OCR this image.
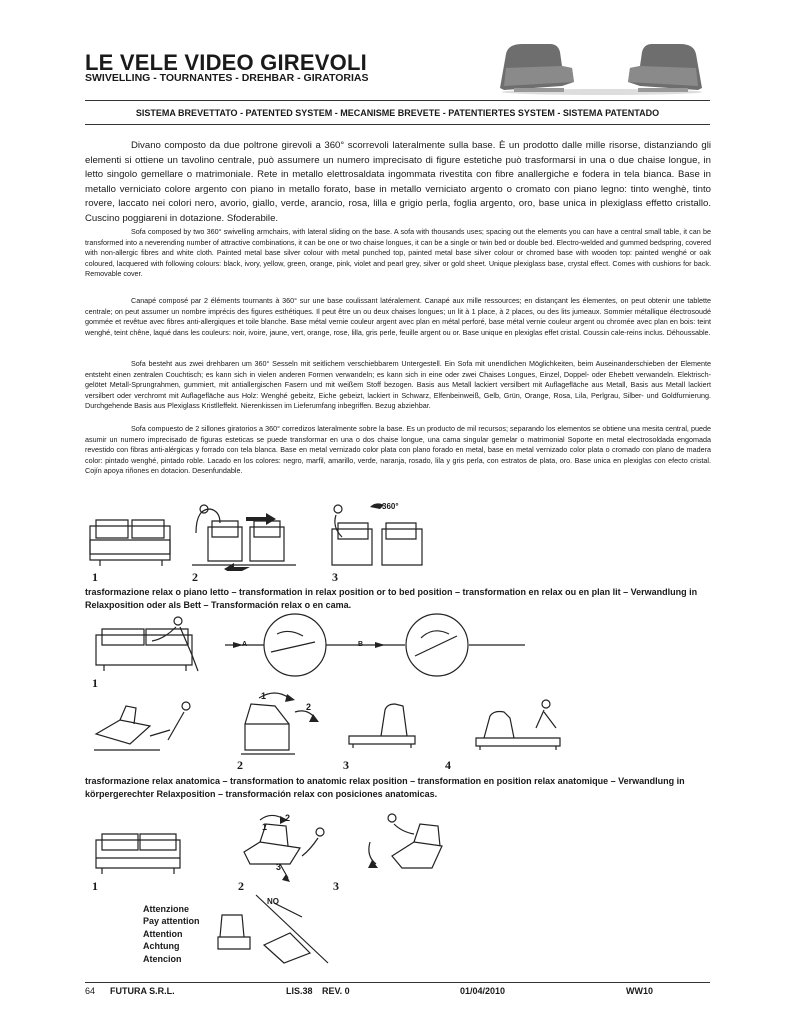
LE VELE VIDEO GIREVOLI
SWIVELLING - TOURNANTES - DREHBAR - GIRATORIAS
SISTEMA BREVETTATO - PATENTED SYSTEM - MECANISME BREVETE - PATENTIERTES SYSTEM - SISTEMA PATENTADO

Divano composto da due poltrone girevoli a 360° scorrevoli lateralmente sulla base. È un prodotto dalle mille risorse, distanziando gli elementi si ottiene un tavolino centrale, può assumere un numero imprecisato di figure estetiche può trasformarsi in una o due chaise longue, in letto singolo gemellare o matrimoniale. Rete in metallo elettrosaldata ingommata rivestita con fibre anallergiche e fodera in tela bianca. Base in metallo verniciato colore argento con piano in metallo forato, base in metallo verniciato argento o cromato con piano legno: tinto wenghè, tinto rovere, laccato nei colori nero, avorio, giallo, verde, arancio, rosa, lilla e grigio perla, foglia argento, oro, base unica in plexiglass effetto cristallo. Cuscino poggiareni in dotazione. Sfoderabile.

Sofa composed by two 360° swivelling armchairs, with lateral sliding on the base. A sofa with thousands uses; spacing out the elements you can have a central small table, it can be transformed into a neverending number of attractive combinations, it can be one or two chaise longues, it can be a single or twin bed or double bed. Electro-welded and gummed bedspring, covered with non-allergic fibres and white cloth. Painted metal base silver colour with metal punched top, painted metal base silver colour or chromed base with wooden top: painted wenghé or oak coloured, lacquered with following colours: black, ivory, yellow, green, orange, pink, violet and pearl grey, silver or gold sheet. Unique plexiglass base, crystal effect. Comes with cushions for back. Removable cover.

Canapé composé par 2 éléments tournants à 360° sur une base coulissant latéralement. Canapé aux mille ressources; en distançant les élementes, on peut obtenir une tablette centrale; on peut assumer un nombre imprécis des figures esthétiques. Il peut être un ou deux chaises longues; un lit à 1 place, à 2 places, ou des lits jumeaux. Sommier métallique électrosoudé gommée et revêtue avec fibres anti-allergiques et toile blanche. Base métal vernie couleur argent avec plan en métal perforé, base métal vernie couleur argent ou chromée avec plan en bois: teint wenghé, teint chêne, laqué dans les couleurs: noir, ivoire, jaune, vert, orange, rose, lilla, gris perle, feuille argent ou or. Base unique en plexiglas effet cristal. Coussin cale-reins inclus. Déhoussable.

Sofa besteht aus zwei drehbaren um 360° Sesseln mit seitlichem verschiebbarem Untergestell. Ein Sofa mit unendlichen Möglichkeiten, beim Auseinanderschieben der Elemente entsteht einen zentralen Couchtisch; es kann sich in vielen anderen Formen verwandeln; es kann sich in eine oder zwei Chaises Longues, Einzel, Doppel- oder Ehebett verwandeln. Elektrisch-gelötet Metall-Sprungrahmen, gummiert, mit antiallergischen Fasern und mit weißem Stoff bezogen. Basis aus Metall lackiert versilbert mit Auflagefläche aus Metall, Basis aus Metall lackiert versilbert oder verchromt mit Auflagefläche aus Holz: Wenghé gebeitz, Eiche gebeizt, lackiert in Schwarz, Elfenbeinweiß, Gelb, Grün, Orange, Rosa, Lila, Perlgrau, Silber- und Goldfurnierung. Durchgehende Basis aus Plexiglass Kristlleffekt. Nierenkissen im Lieferumfang inbegriffen. Bezug abziehbar.

Sofa compuesto de 2 sillones giratorios a 360° corredizos lateralmente sobre la base. Es un producto de mil recursos; separando los elementos se obtiene una mesita central, puede asumir un numero imprecisado de figuras esteticas se puede transformar en una o dos chaise longue, una cama singular gemelar o matrimonial Soporte en metal electrosoldada engomada revestido con fibras anti-alérgicas y forrado con tela blanca. Base en metal vernizado color plata con plano forado en metal, base en metal vernizado color plata o cromado con plano de madera color: pintado wenghé, pintado roble. Lacado en los colores: negro, marfil, amarillo, verde, naranja, rosado, lila y gris perla, con estratos de plata, oro. Base unica en plexiglas con efecto cristal. Cojín apoya riñones en dotacion. Desenfundable.

1	2
360°
3
trasformazione relax o piano letto – transformation in relax position or to bed position – transformation en relax ou en plan lit – Verwandlung in Relaxposition oder als Bett – Transformación relax o en cama.
1
A	B
1
2
2	3	4
trasformazione relax anatomica – transformation to anatomic relax position – transformation en position relax anatomique – Verwandlung in körpergerechter Relaxposition – transformación relax con posiciones anatomicas.
1
1
2
3
2	3
Attenzione
Pay attention
Attention
Achtung
Atencion
NO
64 FUTURA S.R.L.	LIS.38 REV. 0	01/04/2010	WW10
